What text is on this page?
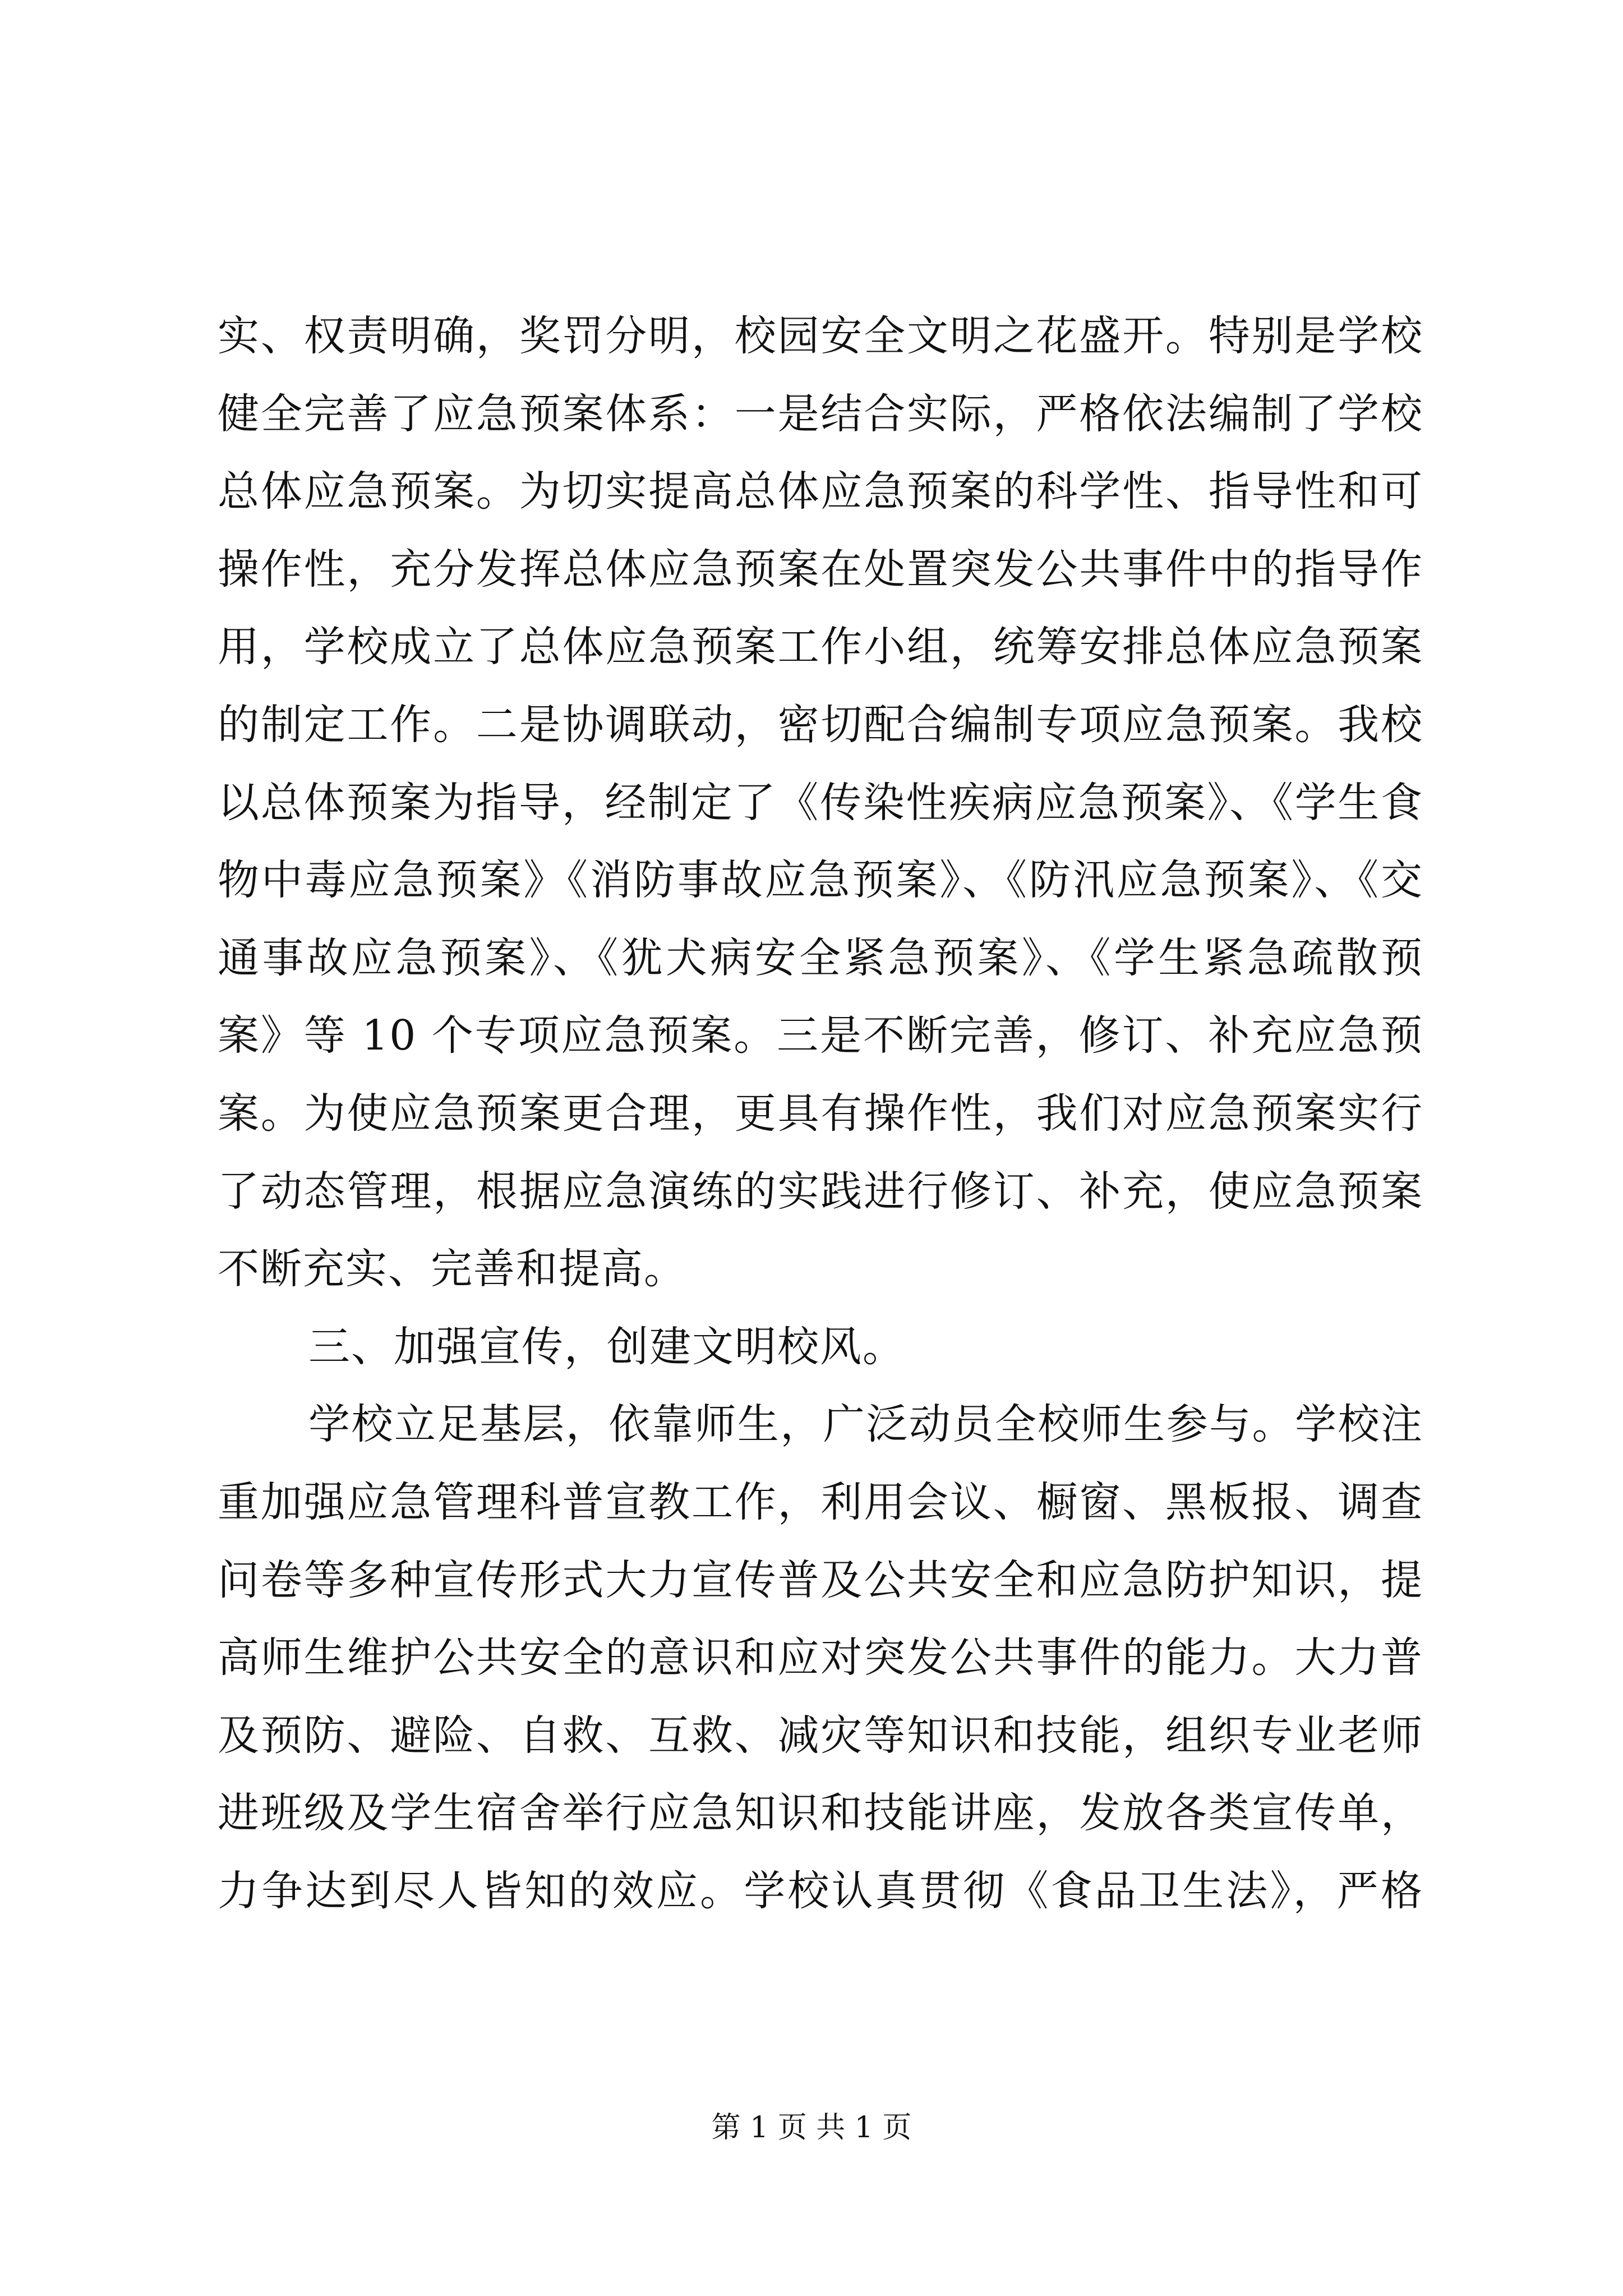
实、权责明确，奖罚分明，校园安全文明之花盛开。特别是学校
健全完善了应急预案体系：一是结合实际，严格依法编制了学校
总体应急预案。为切实提高总体应急预案的科学性、指导性和可
操作性，充分发挥总体应急预案在处置突发公共事件中的指导作
用，学校成立了总体应急预案工作小组，统筹安排总体应急预案
的制定工作。二是协调联动，密切配合编制专项应急预案。我校
以总体预案为指导，经制定了《传染性疾病应急预案》、《学生食
物中毒应急预案》《消防事故应急预案》、《防汛应急预案》、《交
通事故应急预案》、《犹犬病安全紧急预案》、《学生紧急疏散预
案》等 10 个专项应急预案。三是不断完善，修订、补充应急预
案。为使应急预案更合理，更具有操作性，我们对应急预案实行
了动态管理，根据应急演练的实践进行修订、补充，使应急预案
不断充实、完善和提高。
三、加强宣传，创建文明校风。
学校立足基层，依靠师生，广泛动员全校师生参与。学校注
重加强应急管理科普宣教工作，利用会议、橱窗、黑板报、调查
问卷等多种宣传形式大力宣传普及公共安全和应急防护知识，提
高师生维护公共安全的意识和应对突发公共事件的能力。大力普
及预防、避险、自救、互救、减灾等知识和技能，组织专业老师
进班级及学生宿舍举行应急知识和技能讲座，发放各类宣传单，
力争达到尽人皆知的效应。学校认真贯彻《食品卫生法》，严格
第 1 页 共 1 页
